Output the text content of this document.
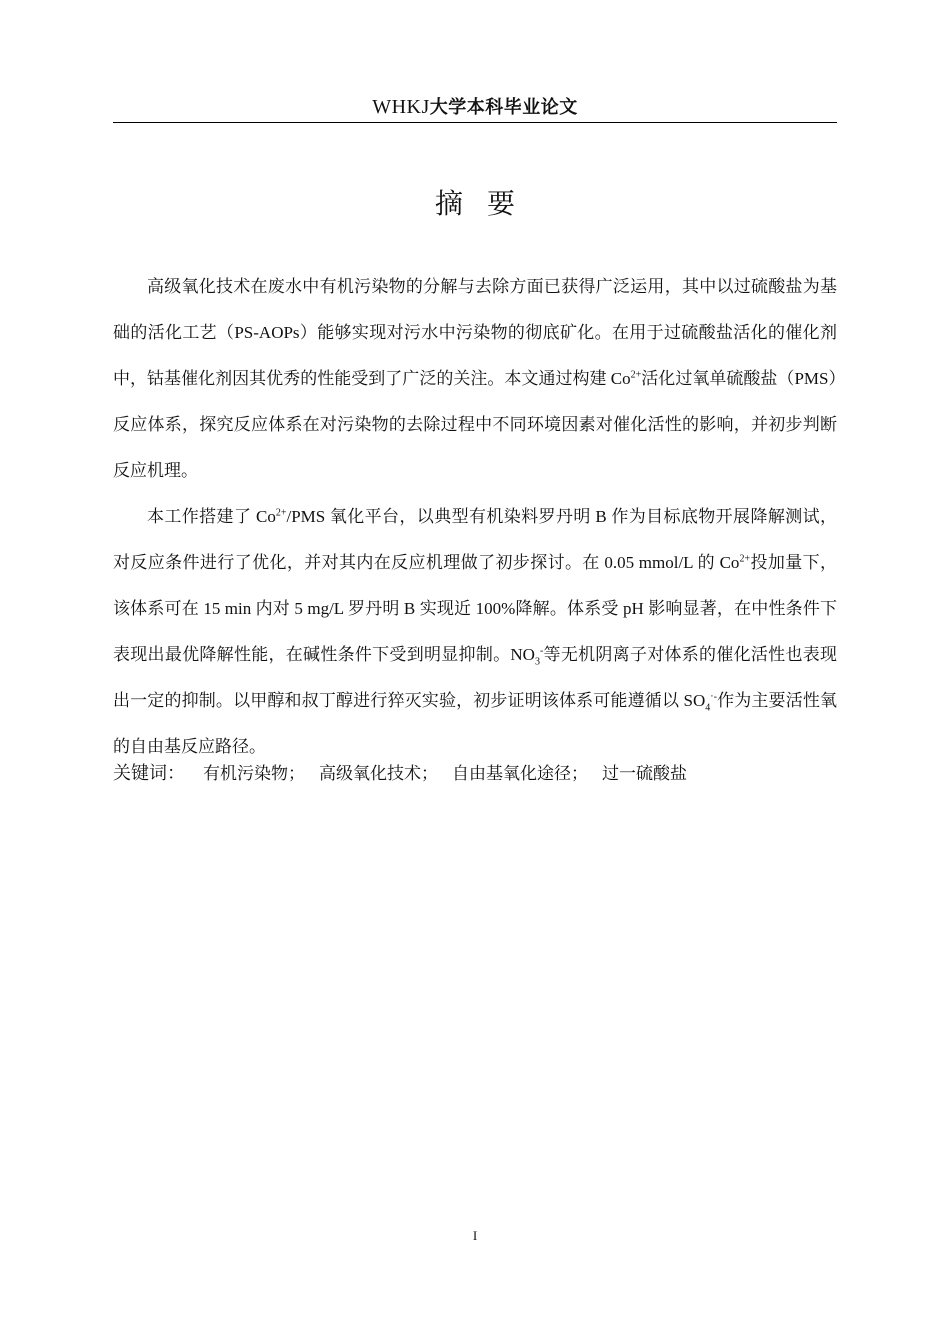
WHKJ大学本科毕业论文
摘要

高级氧化技术在废水中有机污染物的分解与去除方面已获得广泛运用，其中以过硫酸盐为基础的活化工艺（PS-AOPs）能够实现对污水中污染物的彻底矿化。在用于过硫酸盐活化的催化剂中，钴基催化剂因其优秀的性能受到了广泛的关注。本文通过构建 $Co^{2+}$活化过氧单硫酸盐（PMS）反应体系，探究反应体系在对污染物的去除过程中不同环境因素对催化活性的影响，并初步判断反应机理。

本工作搭建了 $Co^{2+}$/PMS 氧化平台，以典型有机染料罗丹明 B 作为目标底物开展降解测试，对反应条件进行了优化，并对其内在反应机理做了初步探讨。在 0.05 mmol/L 的 $Co^{2+}$投加量下，该体系可在 15 min 内对 5 mg/L 罗丹明 B 实现近 100%降解。体系受 pH 影响显著，在中性条件下表现出最优降解性能，在碱性条件下受到明显抑制。$NO_3^-$等无机阴离子对体系的催化活性也表现出一定的抑制。以甲醇和叔丁醇进行猝灭实验，初步证明该体系可能遵循以 $SO_4^{\cdot-}$作为主要活性氧的自由基反应路径。

关键词： 有机污染物； 高级氧化技术； 自由基氧化途径； 过一硫酸盐
I
